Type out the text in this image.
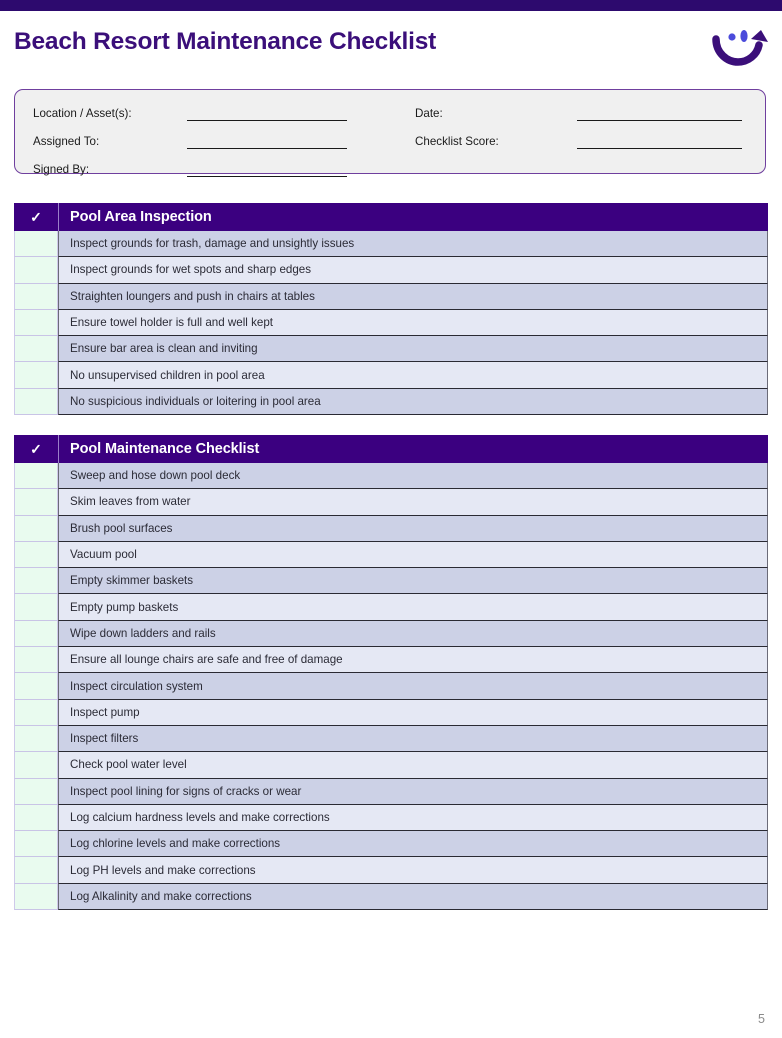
Beach Resort Maintenance Checklist
Location / Asset(s):
Assigned To:
Signed By:
Date:
Checklist Score:
✓	Pool Area Inspection
Inspect grounds for trash, damage and unsightly issues
Inspect grounds for wet spots and sharp edges
Straighten loungers and push in chairs at tables
Ensure towel holder is full and well kept
Ensure bar area is clean and inviting
No unsupervised children in pool area
No suspicious individuals or loitering in pool area
✓	Pool Maintenance Checklist
Sweep and hose down pool deck
Skim leaves from water
Brush pool surfaces
Vacuum pool
Empty skimmer baskets
Empty pump baskets
Wipe down ladders and rails
Ensure all lounge chairs are safe and free of damage
Inspect circulation system
Inspect pump
Inspect filters
Check pool water level
Inspect pool lining for signs of cracks or wear
Log calcium hardness levels and make corrections
Log chlorine levels and make corrections
Log PH levels and make corrections
Log Alkalinity and make corrections
5
